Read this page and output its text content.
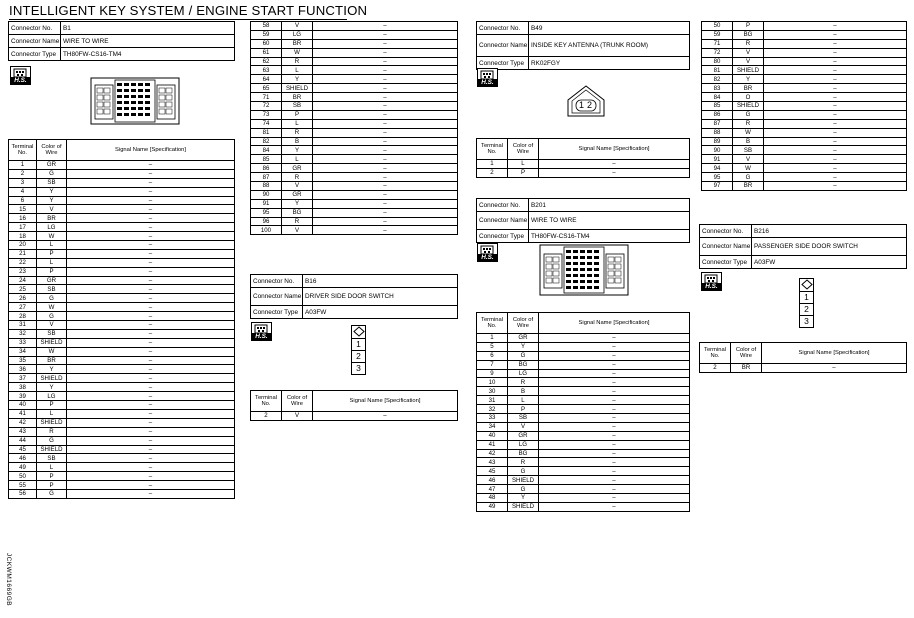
INTELLIGENT KEY SYSTEM / ENGINE START FUNCTION
Connector No.	B1
Connector Name	WIRE TO WIRE
Connector Type	TH80FW-CS16-TM4
H.S.
Terminal No.	Color of Wire	Signal Name [Specification]
1	GR	–
2	G	–
3	SB	–
4	Y	–
6	Y	–
15	V	–
16	BR	–
17	LG	–
18	W	–
20	L	–
21	P	–
22	L	–
23	P	–
24	GR	–
25	SB	–
26	G	–
27	W	–
28	G	–
31	V	–
32	SB	–
33	SHIELD	–
34	W	–
35	BR	–
36	Y	–
37	SHIELD	–
38	Y	–
39	LG	–
40	P	–
41	L	–
42	SHIELD	–
43	R	–
44	G	–
45	SHIELD	–
46	SB	–
49	L	–
50	P	–
55	P	–
56	G	–
58	V	–
59	LG	–
60	BR	–
61	W	–
62	R	–
63	L	–
64	Y	–
65	SHIELD	–
71	BR	–
72	SB	–
73	P	–
74	L	–
81	R	–
82	B	–
84	Y	–
85	L	–
86	GR	–
87	R	–
88	V	–
90	GR	–
91	Y	–
95	BG	–
96	R	–
100	V	–
Connector No.	B16
Connector Name	DRIVER SIDE DOOR SWITCH
Connector Type	A03FW
H.S.
1
2
3
Terminal No.	Color of Wire	Signal Name [Specification]
2	V	–
Connector No.	B49
Connector Name	INSIDE KEY ANTENNA (TRUNK ROOM)
Connector Type	RK02FGY
H.S.
1 2
Terminal No.	Color of Wire	Signal Name [Specification]
1	L	–
2	P	–
Connector No.	B201
Connector Name	WIRE TO WIRE
Connector Type	TH80FW-CS16-TM4
H.S.
Terminal No.	Color of Wire	Signal Name [Specification]
1	GR	–
5	Y	–
6	G	–
7	BG	–
9	LG	–
10	R	–
30	B	–
31	L	–
32	P	–
33	SB	–
34	V	–
40	GR	–
41	LG	–
42	BG	–
43	R	–
45	G	–
46	SHIELD	–
47	G	–
48	Y	–
49	SHIELD	–
50	P	–
59	BG	–
71	R	–
72	V	–
80	V	–
81	SHIELD	–
82	Y	–
83	BR	–
84	O	–
85	SHIELD	–
86	G	–
87	R	–
88	W	–
89	B	–
90	SB	–
91	V	–
94	W	–
95	G	–
97	BR	–
Connector No.	B216
Connector Name	PASSENGER SIDE DOOR SWITCH
Connector Type	A03FW
H.S.
1
2
3
Terminal No.	Color of Wire	Signal Name [Specification]
2	BR	–
JCKWM1669GB
